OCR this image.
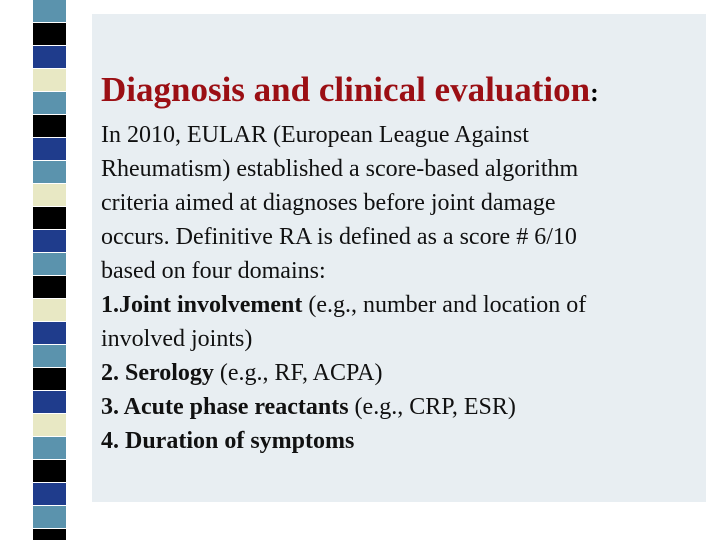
Diagnosis and clinical evaluation:

In 2010, EULAR (European League Against

Rheumatism) established a score-based algorithm

criteria aimed at diagnoses before joint damage

occurs. Definitive RA is defined as a score # 6/10

based on four domains:

1.Joint involvement (e.g., number and location of

involved joints)

2. Serology (e.g., RF, ACPA)

3. Acute phase reactants (e.g., CRP, ESR)

4. Duration of symptoms
